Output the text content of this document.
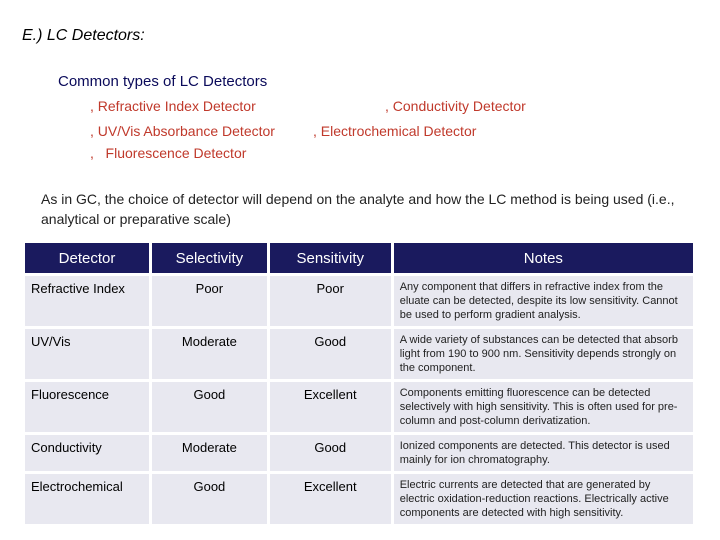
E.) LC Detectors:
Common types of LC Detectors
, Refractive Index Detector	, Conductivity Detector
, UV/Vis Absorbance Detector	, Electrochemical Detector
,   Fluorescence Detector
As in GC, the choice of detector will depend on the analyte and how the LC method is being used (i.e., analytical or preparative scale)
Detector	Selectivity	Sensitivity	Notes
Refractive Index	Poor	Poor	Any component that differs in refractive index from the eluate can be detected, despite its low sensitivity. Cannot be used to perform gradient analysis.
UV/Vis	Moderate	Good	A wide variety of substances can be detected that absorb light from 190 to 900 nm. Sensitivity depends strongly on the component.
Fluorescence	Good	Excellent	Components emitting fluorescence can be detected selectively with high sensitivity. This is often used for pre-column and post-column derivatization.
Conductivity	Moderate	Good	Ionized components are detected. This detector is used mainly for ion chromatography.
Electrochemical	Good	Excellent	Electric currents are detected that are generated by electric oxidation-reduction reactions. Electrically active components are detected with high sensitivity.
